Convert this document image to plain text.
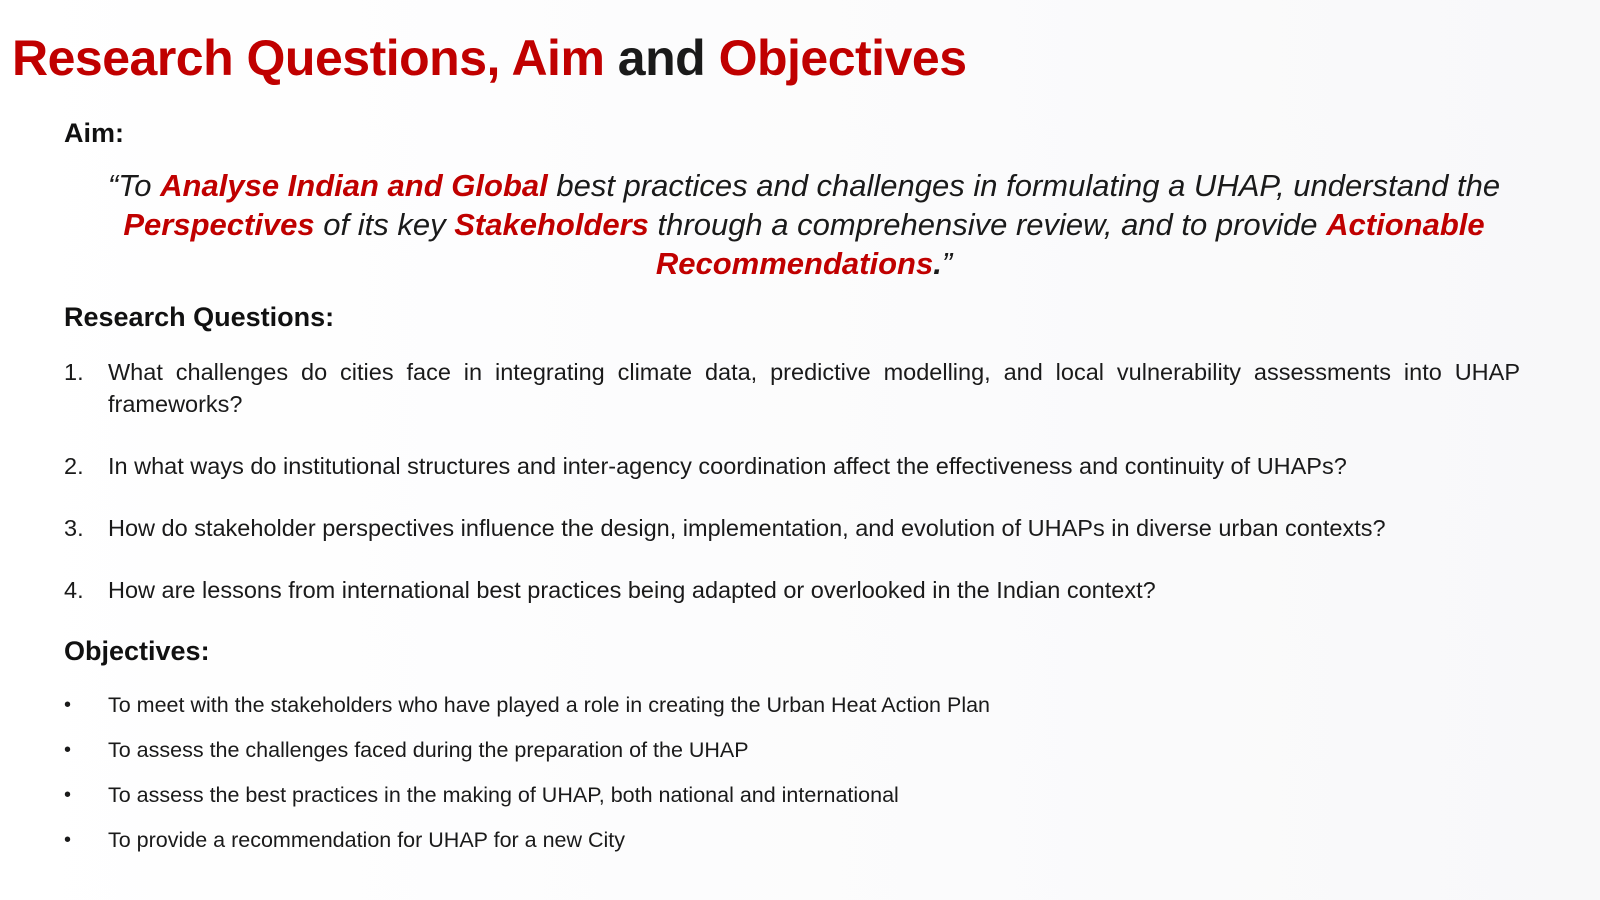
Research Questions, Aim and Objectives
Aim:

“To Analyse Indian and Global best practices and challenges in formulating a UHAP, understand the Perspectives of its key Stakeholders through a comprehensive review, and to provide Actionable Recommendations.”

Research Questions:
1. What challenges do cities face in integrating climate data, predictive modelling, and local vulnerability assessments into UHAP frameworks?
2. In what ways do institutional structures and inter-agency coordination affect the effectiveness and continuity of UHAPs?
3. How do stakeholder perspectives influence the design, implementation, and evolution of UHAPs in diverse urban contexts?
4. How are lessons from international best practices being adapted or overlooked in the Indian context?
Objectives:
• To meet with the stakeholders who have played a role in creating the Urban Heat Action Plan
• To assess the challenges faced during the preparation of the UHAP
• To assess the best practices in the making of UHAP, both national and international
• To provide a recommendation for UHAP for a new City
